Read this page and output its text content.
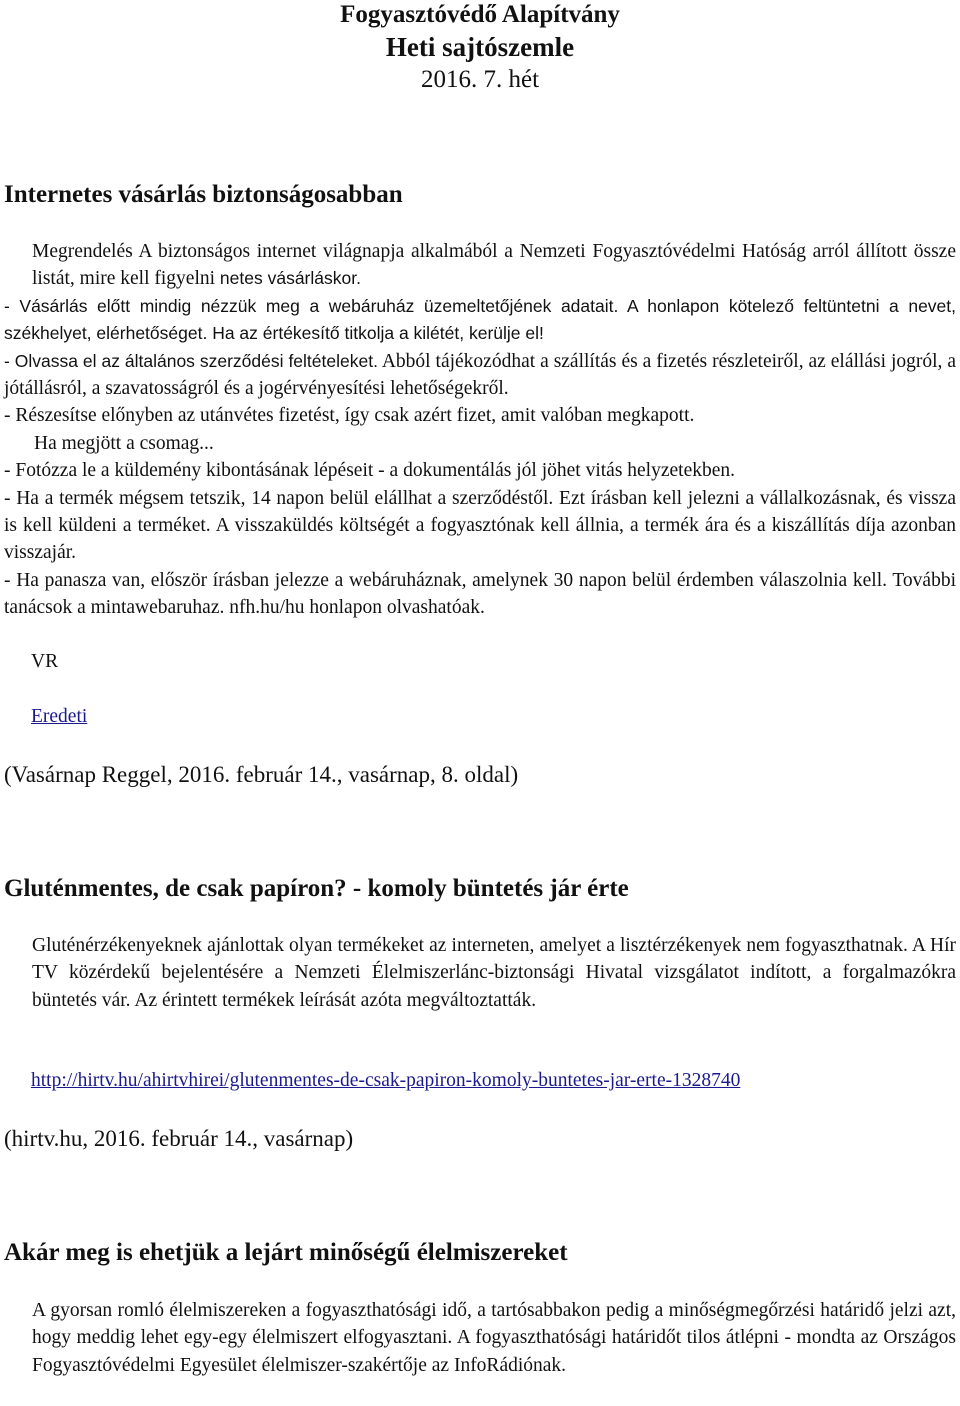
Fogyasztóvédő Alapítvány
Heti sajtószemle
2016. 7. hét
Internetes vásárlás biztonságosabban

Megrendelés A biztonságos internet világnapja alkalmából a Nemzeti Fogyasztóvédelmi Hatóság arról állított össze listát, mire kell figyelni netes vásárláskor.

- Vásárlás előtt mindig nézzük meg a webáruház üzemeltetőjének adatait. A honlapon kötelező feltüntetni a nevet, székhelyet, elérhetőséget. Ha az értékesítő titkolja a kilétét, kerülje el!

- Olvassa el az általános szerződési feltételeket. Abból tájékozódhat a szállítás és a fizetés részleteiről, az elállási jogról, a jótállásról, a szavatosságról és a jogérvényesítési lehetőségekről.

- Részesítse előnyben az utánvétes fizetést, így csak azért fizet, amit valóban megkapott.

Ha megjött a csomag...

- Fotózza le a küldemény kibontásának lépéseit - a dokumentálás jól jöhet vitás helyzetekben.

- Ha a termék mégsem tetszik, 14 napon belül elállhat a szerződéstől. Ezt írásban kell jelezni a vállalkozásnak, és vissza is kell küldeni a terméket. A visszaküldés költségét a fogyasztónak kell állnia, a termék ára és a kiszállítás díja azonban visszajár.

- Ha panasza van, először írásban jelezze a webáruháznak, amelynek 30 napon belül érdemben válaszolnia kell. További tanácsok a mintawebaruhaz. nfh.hu/hu honlapon olvashatóak.

VR
Eredeti
(Vasárnap Reggel, 2016. február 14., vasárnap, 8. oldal)
Gluténmentes, de csak papíron? - komoly büntetés jár érte

Gluténérzékenyeknek ajánlottak olyan termékeket az interneten, amelyet a lisztérzékenyek nem fogyaszthatnak. A Hír TV közérdekű bejelentésére a Nemzeti Élelmiszerlánc-biztonsági Hivatal vizsgálatot indított, a forgalmazókra büntetés vár. Az érintett termékek leírását azóta megváltoztatták.

http://hirtv.hu/ahirtvhirei/glutenmentes-de-csak-papiron-komoly-buntetes-jar-erte-1328740
(hirtv.hu, 2016. február 14., vasárnap)
Akár meg is ehetjük a lejárt minőségű élelmiszereket

A gyorsan romló élelmiszereken a fogyaszthatósági idő, a tartósabbakon pedig a minőségmegőrzési határidő jelzi azt, hogy meddig lehet egy-egy élelmiszert elfogyasztani. A fogyaszthatósági határidőt tilos átlépni - mondta az Országos Fogyasztóvédelmi Egyesület élelmiszer-szakértője az InfoRádiónak.
